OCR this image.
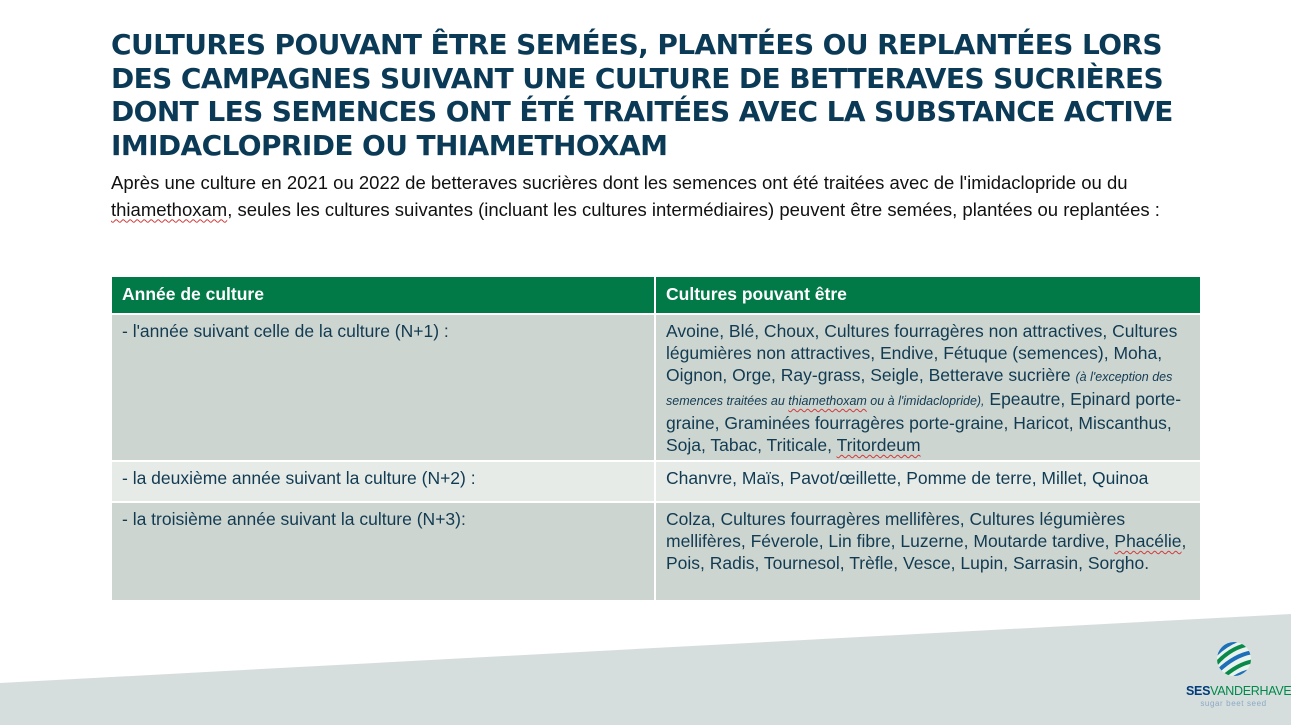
CULTURES POUVANT ÊTRE SEMÉES, PLANTÉES OU REPLANTÉES LORS DES CAMPAGNES SUIVANT UNE CULTURE DE BETTERAVES SUCRIÈRES DONT LES SEMENCES ONT ÉTÉ TRAITÉES AVEC LA SUBSTANCE ACTIVE IMIDACLOPRIDE OU THIAMETHOXAM

Après une culture en 2021 ou 2022 de betteraves sucrières dont les semences ont été traitées avec de l'imidaclopride ou du thiamethoxam, seules les cultures suivantes (incluant les cultures intermédiaires) peuvent être semées, plantées ou replantées :

Année de culture	Cultures pouvant être
- l'année suivant celle de la culture (N+1) :	Avoine, Blé, Choux, Cultures fourragères non attractives, Cultures légumières non attractives, Endive, Fétuque (semences), Moha, Oignon, Orge, Ray-grass, Seigle, Betterave sucrière (à l'exception des semences traitées au thiamethoxam ou à l'imidaclopride), Epeautre, Epinard porte-graine, Graminées fourragères porte-graine, Haricot, Miscanthus, Soja, Tabac, Triticale, Tritordeum
- la deuxième année suivant la culture (N+2) :	Chanvre, Maïs, Pavot/œillette, Pomme de terre, Millet, Quinoa
- la troisième année suivant la culture (N+3):	Colza, Cultures fourragères mellifères, Cultures légumières mellifères, Féverole, Lin fibre, Luzerne, Moutarde tardive, Phacélie, Pois, Radis, Tournesol, Trèfle, Vesce, Lupin, Sarrasin, Sorgho.
SESVANDERHAVE
sugar beet seed
